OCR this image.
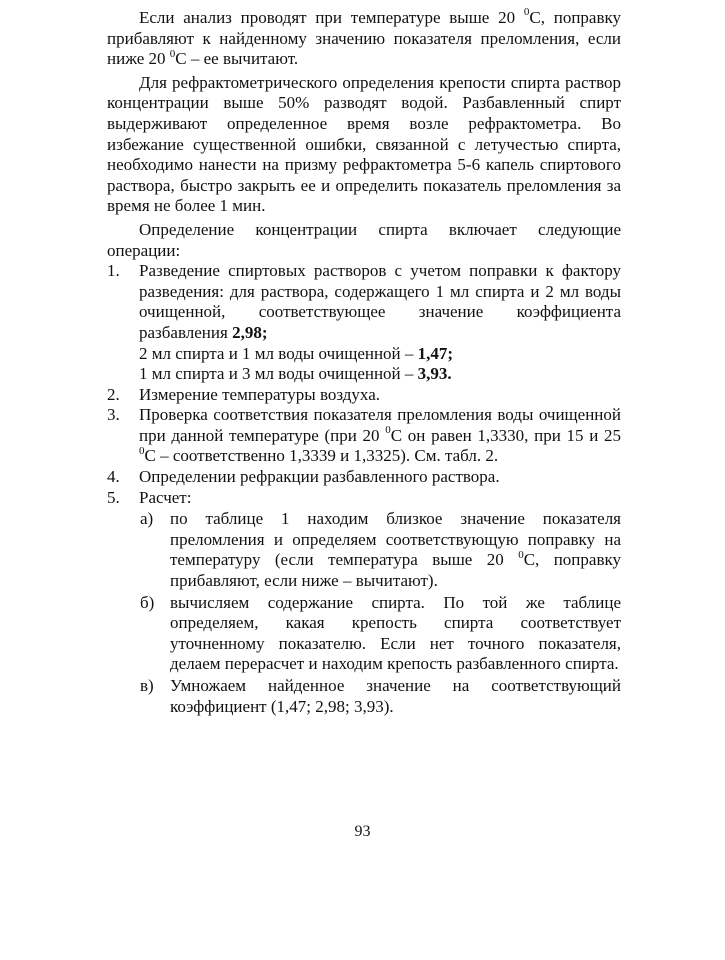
Если анализ проводят при температуре выше 20 $^0$С, поправку прибавляют к найденному значению показателя преломления, если ниже 20 $^0$С – ее вычитают.

Для рефрактометрического определения крепости спирта раствор концентрации выше 50% разводят водой. Разбавленный спирт выдерживают определенное время возле рефрактометра. Во избежание существенной ошибки, связанной с летучестью спирта, необходимо нанести на призму рефрактометра 5-6 капель спиртового раствора, быстро закрыть ее и определить показатель преломления за время не более 1 мин.

Определение концентрации спирта включает следующие операции:

1.	Разведение спиртовых растворов с учетом поправки к фактору разведения: для раствора, содержащего 1 мл спирта и 2 мл воды очищенной, соответствующее значение коэффициента разбавления 2,98;
2 мл спирта и 1 мл воды очищенной – 1,47;
1 мл спирта и 3 мл воды очищенной – 3,93.
2.	Измерение температуры воздуха.
3.	Проверка соответствия показателя преломления воды очищенной при данной температуре (при 20 $^0$С он равен 1,3330, при 15 и 25 $^0$С – соответственно 1,3339 и 1,3325). См. табл. 2.
4.	Определении рефракции разбавленного раствора.
5.	Расчет:
а) по таблице 1 находим близкое значение показателя преломления и определяем соответствующую поправку на температуру (если температура выше 20 $^0$С, поправку прибавляют, если ниже – вычитают).
б) вычисляем содержание спирта. По той же таблице определяем, какая крепость спирта соответствует уточненному показателю. Если нет точного показателя, делаем перерасчет и находим крепость разбавленного спирта.
в) Умножаем найденное значение на соответствующий коэффициент (1,47; 2,98; 3,93).
93
